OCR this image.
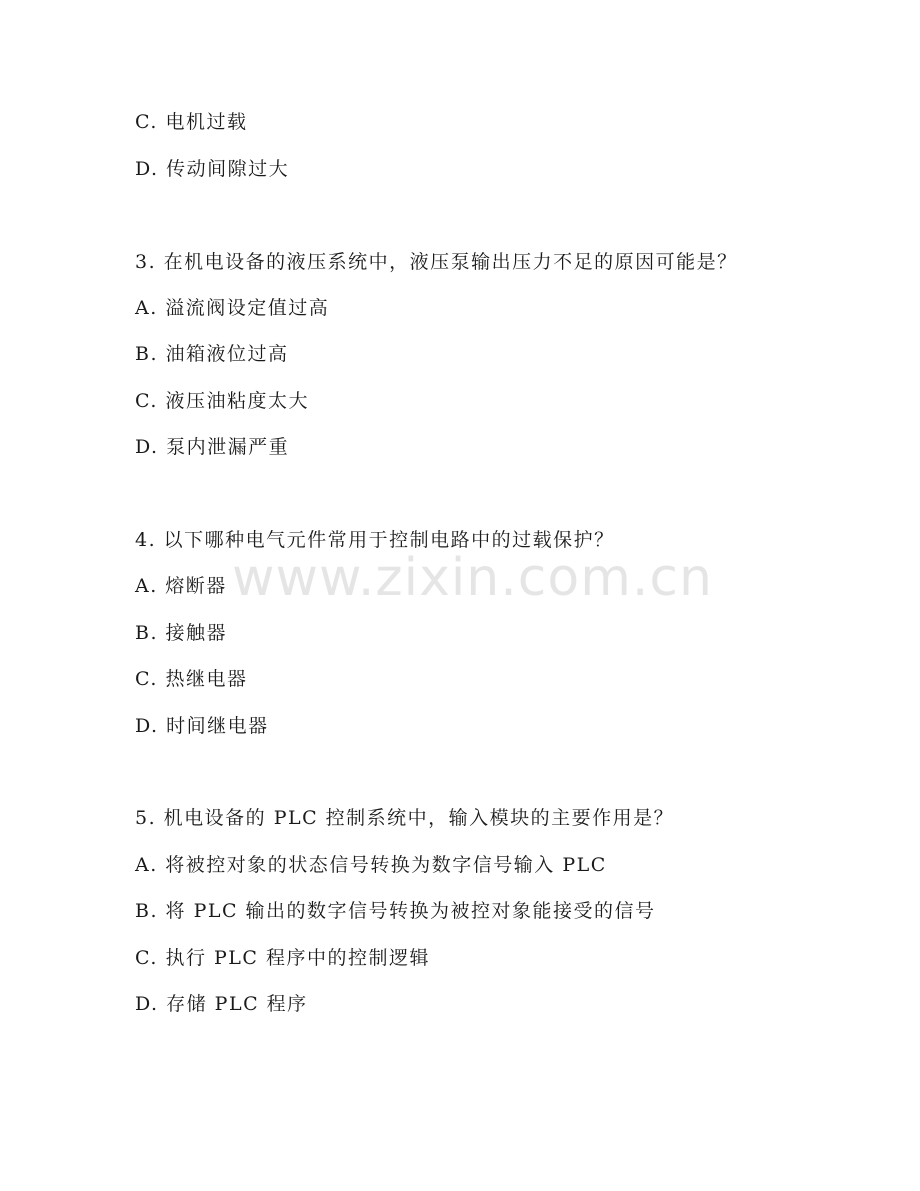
C. 电机过载
D. 传动间隙过大
3. 在机电设备的液压系统中，液压泵输出压力不足的原因可能是？
A. 溢流阀设定值过高
B. 油箱液位过高
C. 液压油粘度太大
D. 泵内泄漏严重
4. 以下哪种电气元件常用于控制电路中的过载保护？
A. 熔断器
B. 接触器
C. 热继电器
D. 时间继电器
5. 机电设备的 PLC 控制系统中，输入模块的主要作用是？
A. 将被控对象的状态信号转换为数字信号输入 PLC
B. 将 PLC 输出的数字信号转换为被控对象能接受的信号
C. 执行 PLC 程序中的控制逻辑
D. 存储 PLC 程序
www.zixin.com.cn
